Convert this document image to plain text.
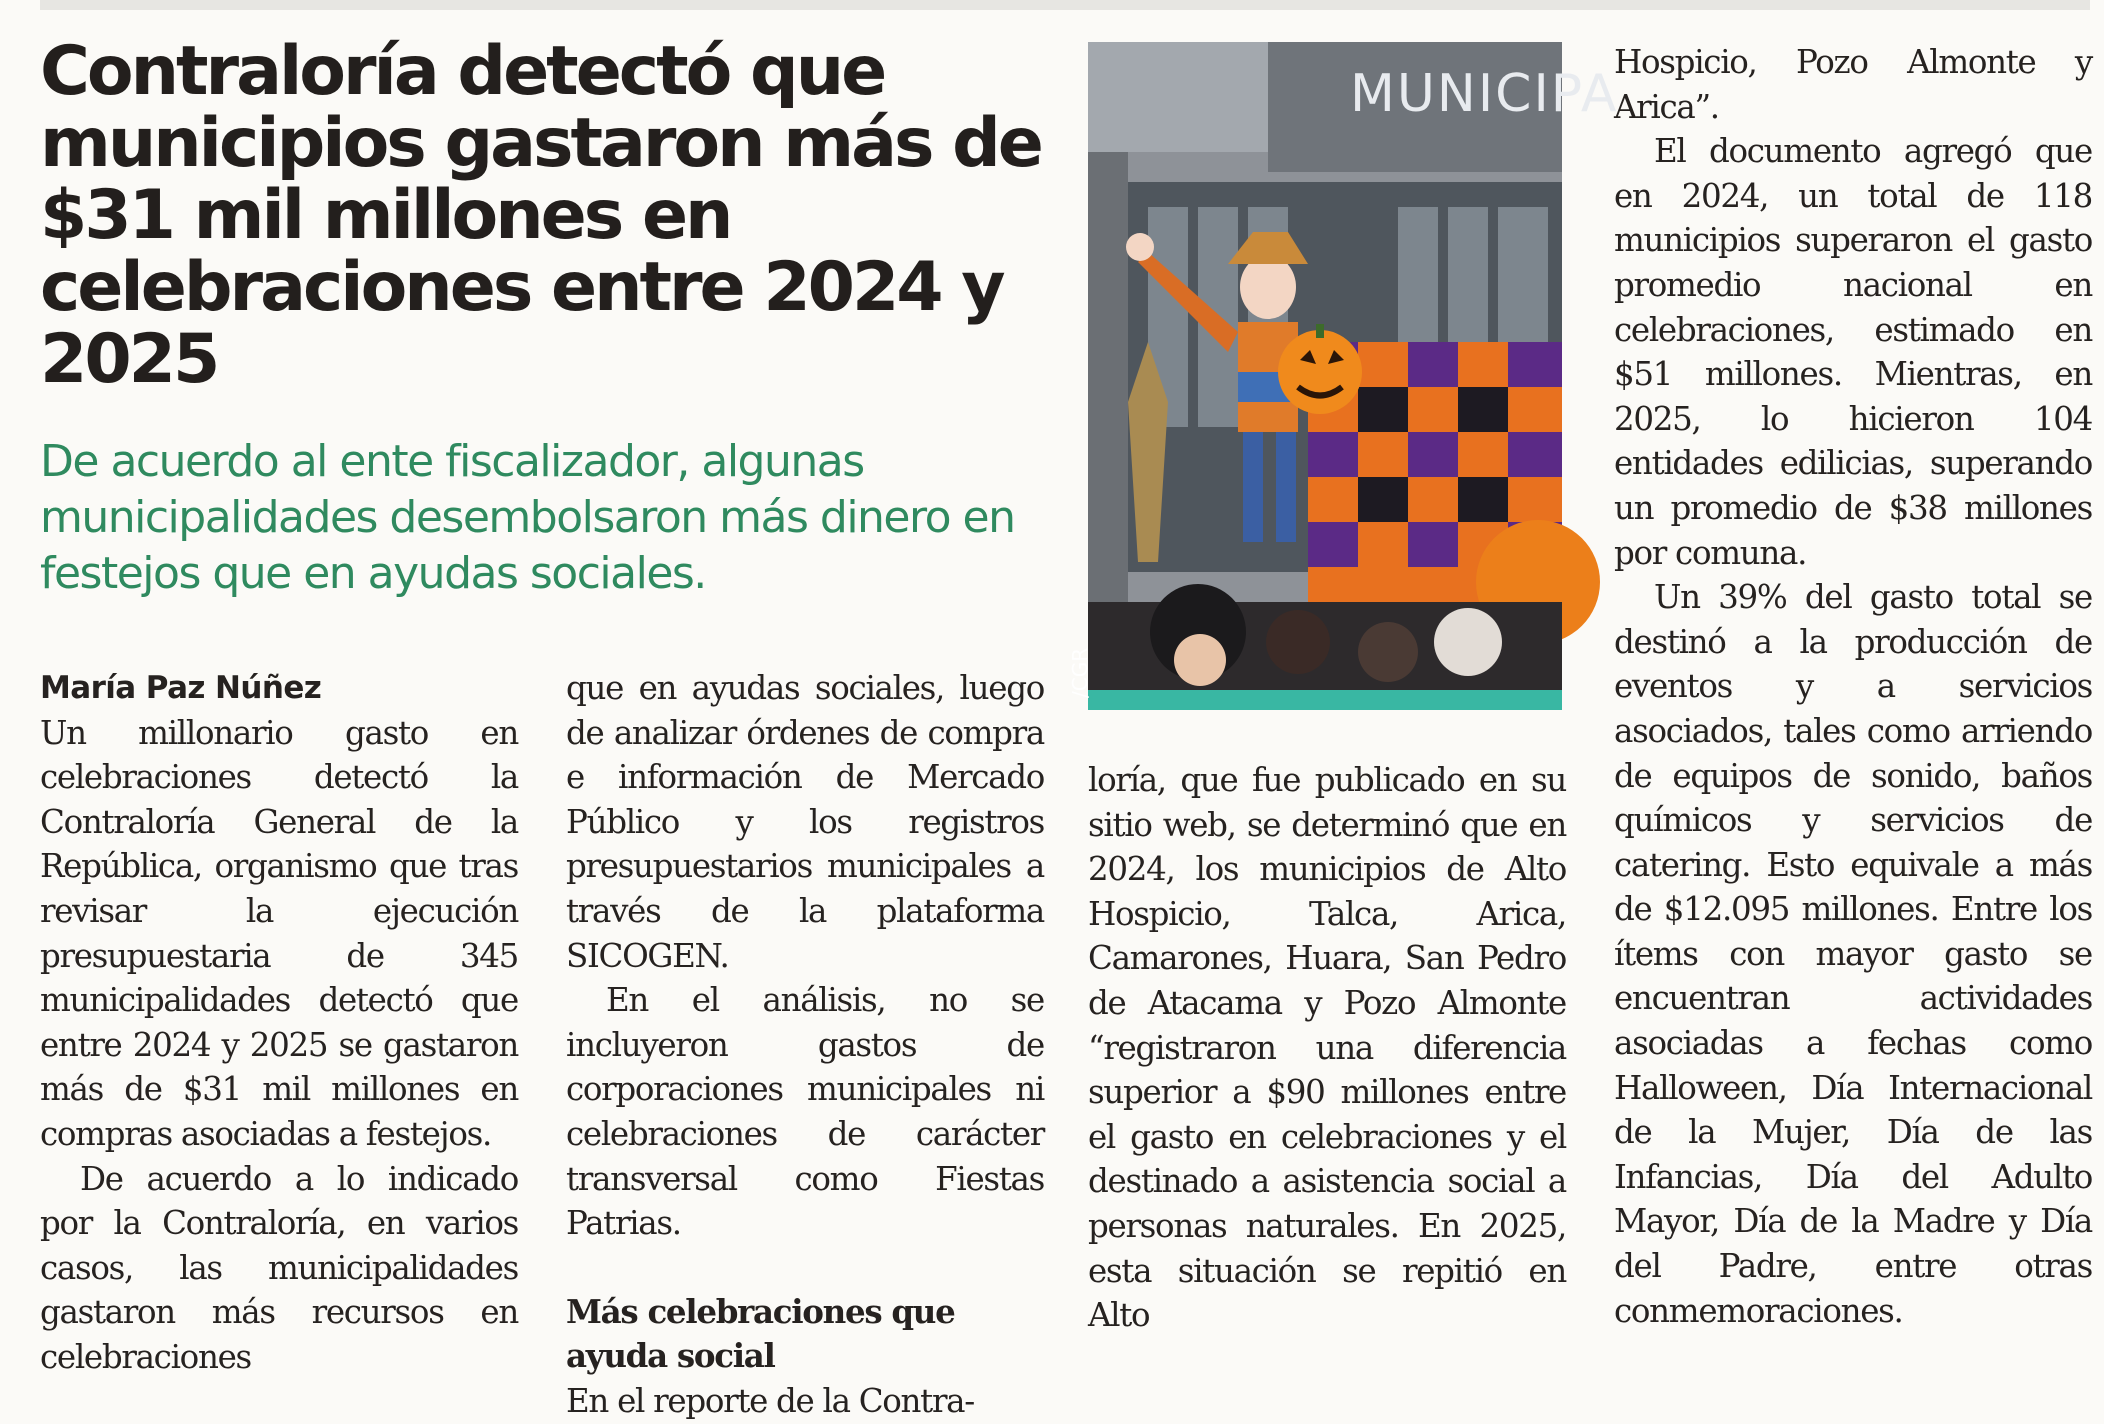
Contraloría detectó que municipios gastaron más de $31 mil millones en celebraciones entre 2024 y 2025

De acuerdo al ente fiscalizador, algunas municipalidades desembolsaron más dinero en festejos que en ayudas sociales.

MUNICIPA
/CGR

María Paz Núñez

Un millonario gasto en celebraciones detectó la Contraloría General de la República, organismo que tras revisar la ejecución presupuestaria de 345 municipalidades detectó que entre 2024 y 2025 se gastaron más de $31 mil millones en compras asociadas a festejos.

De acuerdo a lo indicado por la Contraloría, en varios casos, las municipalidades gastaron más recursos en celebraciones

que en ayudas sociales, luego de analizar órdenes de compra e información de Mercado Público y los registros presupuestarios municipales a través de la plataforma SICOGEN.

En el análisis, no se incluyeron gastos de corporaciones municipales ni celebraciones de carácter transversal como Fiestas Patrias.

Más celebraciones que ayuda social

En el reporte de la Contra-

loría, que fue publicado en su sitio web, se determinó que en 2024, los municipios de Alto Hospicio, Talca, Arica, Camarones, Huara, San Pedro de Atacama y Pozo Almonte “registraron una diferencia superior a $90 millones entre el gasto en celebraciones y el destinado a asistencia social a personas naturales. En 2025, esta situación se repitió en Alto

Hospicio, Pozo Almonte y Arica”.

El documento agregó que en 2024, un total de 118 municipios superaron el gasto promedio nacional en celebraciones, estimado en $51 millones. Mientras, en 2025, lo hicieron 104 entidades edilicias, superando un promedio de $38 millones por comuna.

Un 39% del gasto total se destinó a la producción de eventos y a servicios asociados, tales como arriendo de equipos de sonido, baños químicos y servicios de catering. Esto equivale a más de $12.095 millones. Entre los ítems con mayor gasto se encuentran actividades asociadas a fechas como Halloween, Día Internacional de la Mujer, Día de las Infancias, Día del Adulto Mayor, Día de la Madre y Día del Padre, entre otras conmemoraciones.
